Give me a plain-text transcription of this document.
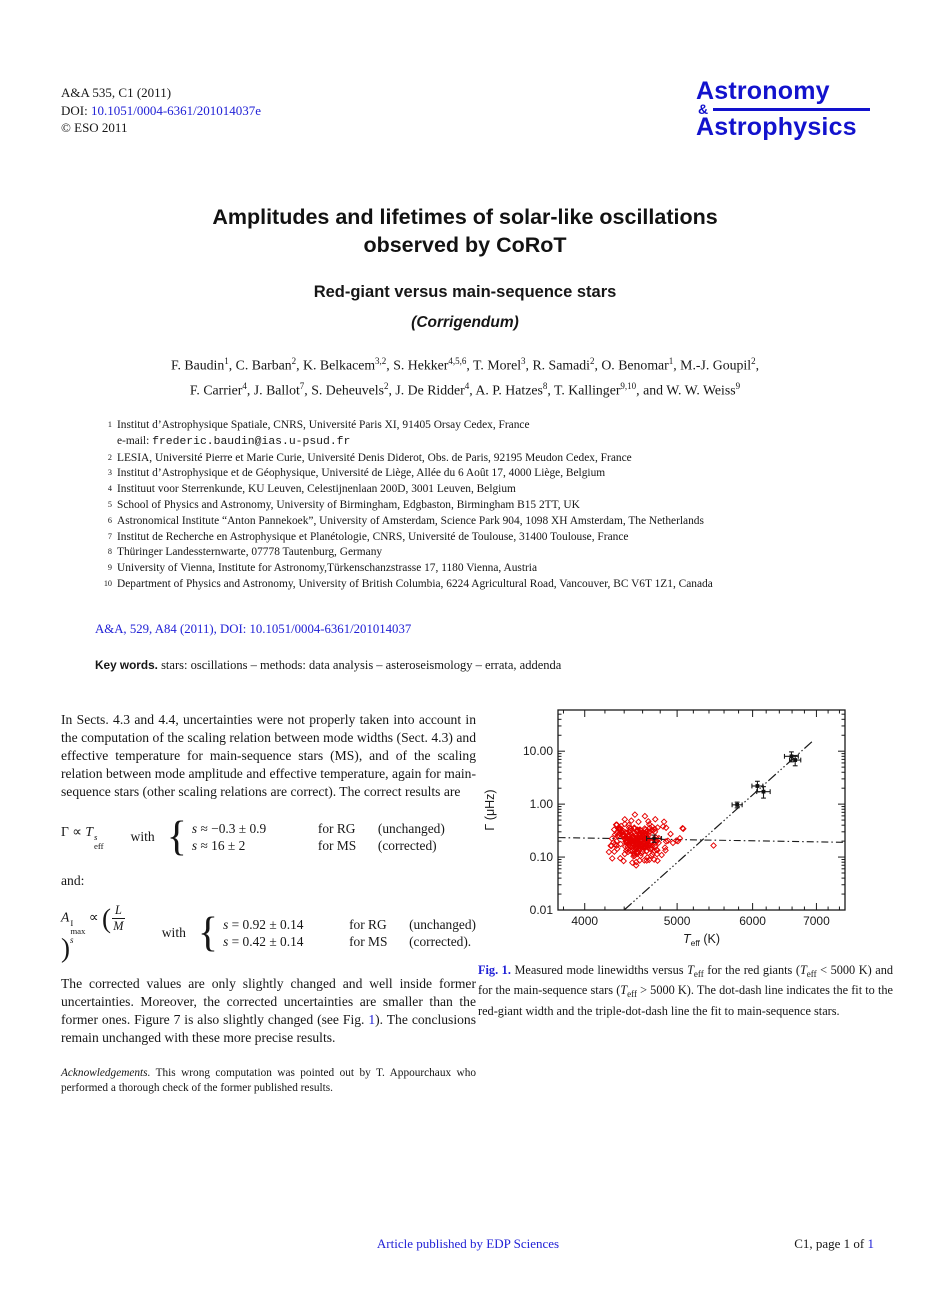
A&A 535, C1 (2011)
DOI: 10.1051/0004-6361/201014037e
© ESO 2011
Astronomy
&
Astrophysics
Amplitudes and lifetimes of solar-like oscillations
observed by CoRoT
Red-giant versus main-sequence stars
(Corrigendum)
F. Baudin$^1$, C. Barban$^2$, K. Belkacem$^{3,2}$, S. Hekker$^{4,5,6}$, T. Morel$^3$, R. Samadi$^2$, O. Benomar$^1$, M.-J. Goupil$^2$,
F. Carrier$^4$, J. Ballot$^7$, S. Deheuvels$^2$, J. De Ridder$^4$, A. P. Hatzes$^8$, T. Kallinger$^{9,10}$, and W. W. Weiss$^9$
1 Institut d’Astrophysique Spatiale, CNRS, Université Paris XI, 91405 Orsay Cedex, France
e-mail: frederic.baudin@ias.u-psud.fr
2 LESIA, Université Pierre et Marie Curie, Université Denis Diderot, Obs. de Paris, 92195 Meudon Cedex, France
3 Institut d’Astrophysique et de Géophysique, Université de Liège, Allée du 6 Août 17, 4000 Liège, Belgium
4 Instituut voor Sterrenkunde, KU Leuven, Celestijnenlaan 200D, 3001 Leuven, Belgium
5 School of Physics and Astronomy, University of Birmingham, Edgbaston, Birmingham B15 2TT, UK
6 Astronomical Institute “Anton Pannekoek”, University of Amsterdam, Science Park 904, 1098 XH Amsterdam, The Netherlands
7 Institut de Recherche en Astrophysique et Planétologie, CNRS, Université de Toulouse, 31400 Toulouse, France
8 Thüringer Landessternwarte, 07778 Tautenburg, Germany
9 University of Vienna, Institute for Astronomy,Türkenschanzstrasse 17, 1180 Vienna, Austria
10 Department of Physics and Astronomy, University of British Columbia, 6224 Agricultural Road, Vancouver, BC V6T 1Z1, Canada
A&A, 529, A84 (2011), DOI: 10.1051/0004-6361/201014037
Key words. stars: oscillations – methods: data analysis – asteroseismology – errata, addenda

In Sects. 4.3 and 4.4, uncertainties were not properly taken into account in the computation of the scaling relation between mode widths (Sect. 4.3) and effective temperature for main-sequence stars (MS), and of the scaling relation between mode amplitude and effective temperature, again for main-sequence stars (other scaling relations are correct). The correct results are

Γ ∝ T s
eff
with { s ≈ −0.3 ± 0.9	for RG	(unchanged)
s ≈ 16 ± 2	for MS	(corrected)

and:

A I
max
∝ ( $\frac{L}{M}$
)$^s$	with { s = 0.92 ± 0.14	for RG	(unchanged)
s = 0.42 ± 0.14	for MS	(corrected).

The corrected values are only slightly changed and well inside former uncertainties. Moreover, the corrected uncertainties are smaller than the former ones. Figure 7 is also slightly changed (see Fig. 1). The conclusions remain unchanged with these more precise results.

Acknowledgements. This wrong computation was pointed out by T. Appourchaux who performed a thorough check of the former published results.

4000	5000	6000	7000
0.01
0.10
1.00
10.00
Γ (μHz)
$T_{eff}$ (K)

Fig. 1. Measured mode linewidths versus $T_{eff}$ for the red giants ($T_{eff} < 5000$ K) and for the main-sequence stars ($T_{eff} > 5000$ K). The dot-dash line indicates the fit to the red-giant width and the triple-dot-dash line the fit to main-sequence stars.

Article published by EDP Sciences	C1, page 1 of 1
